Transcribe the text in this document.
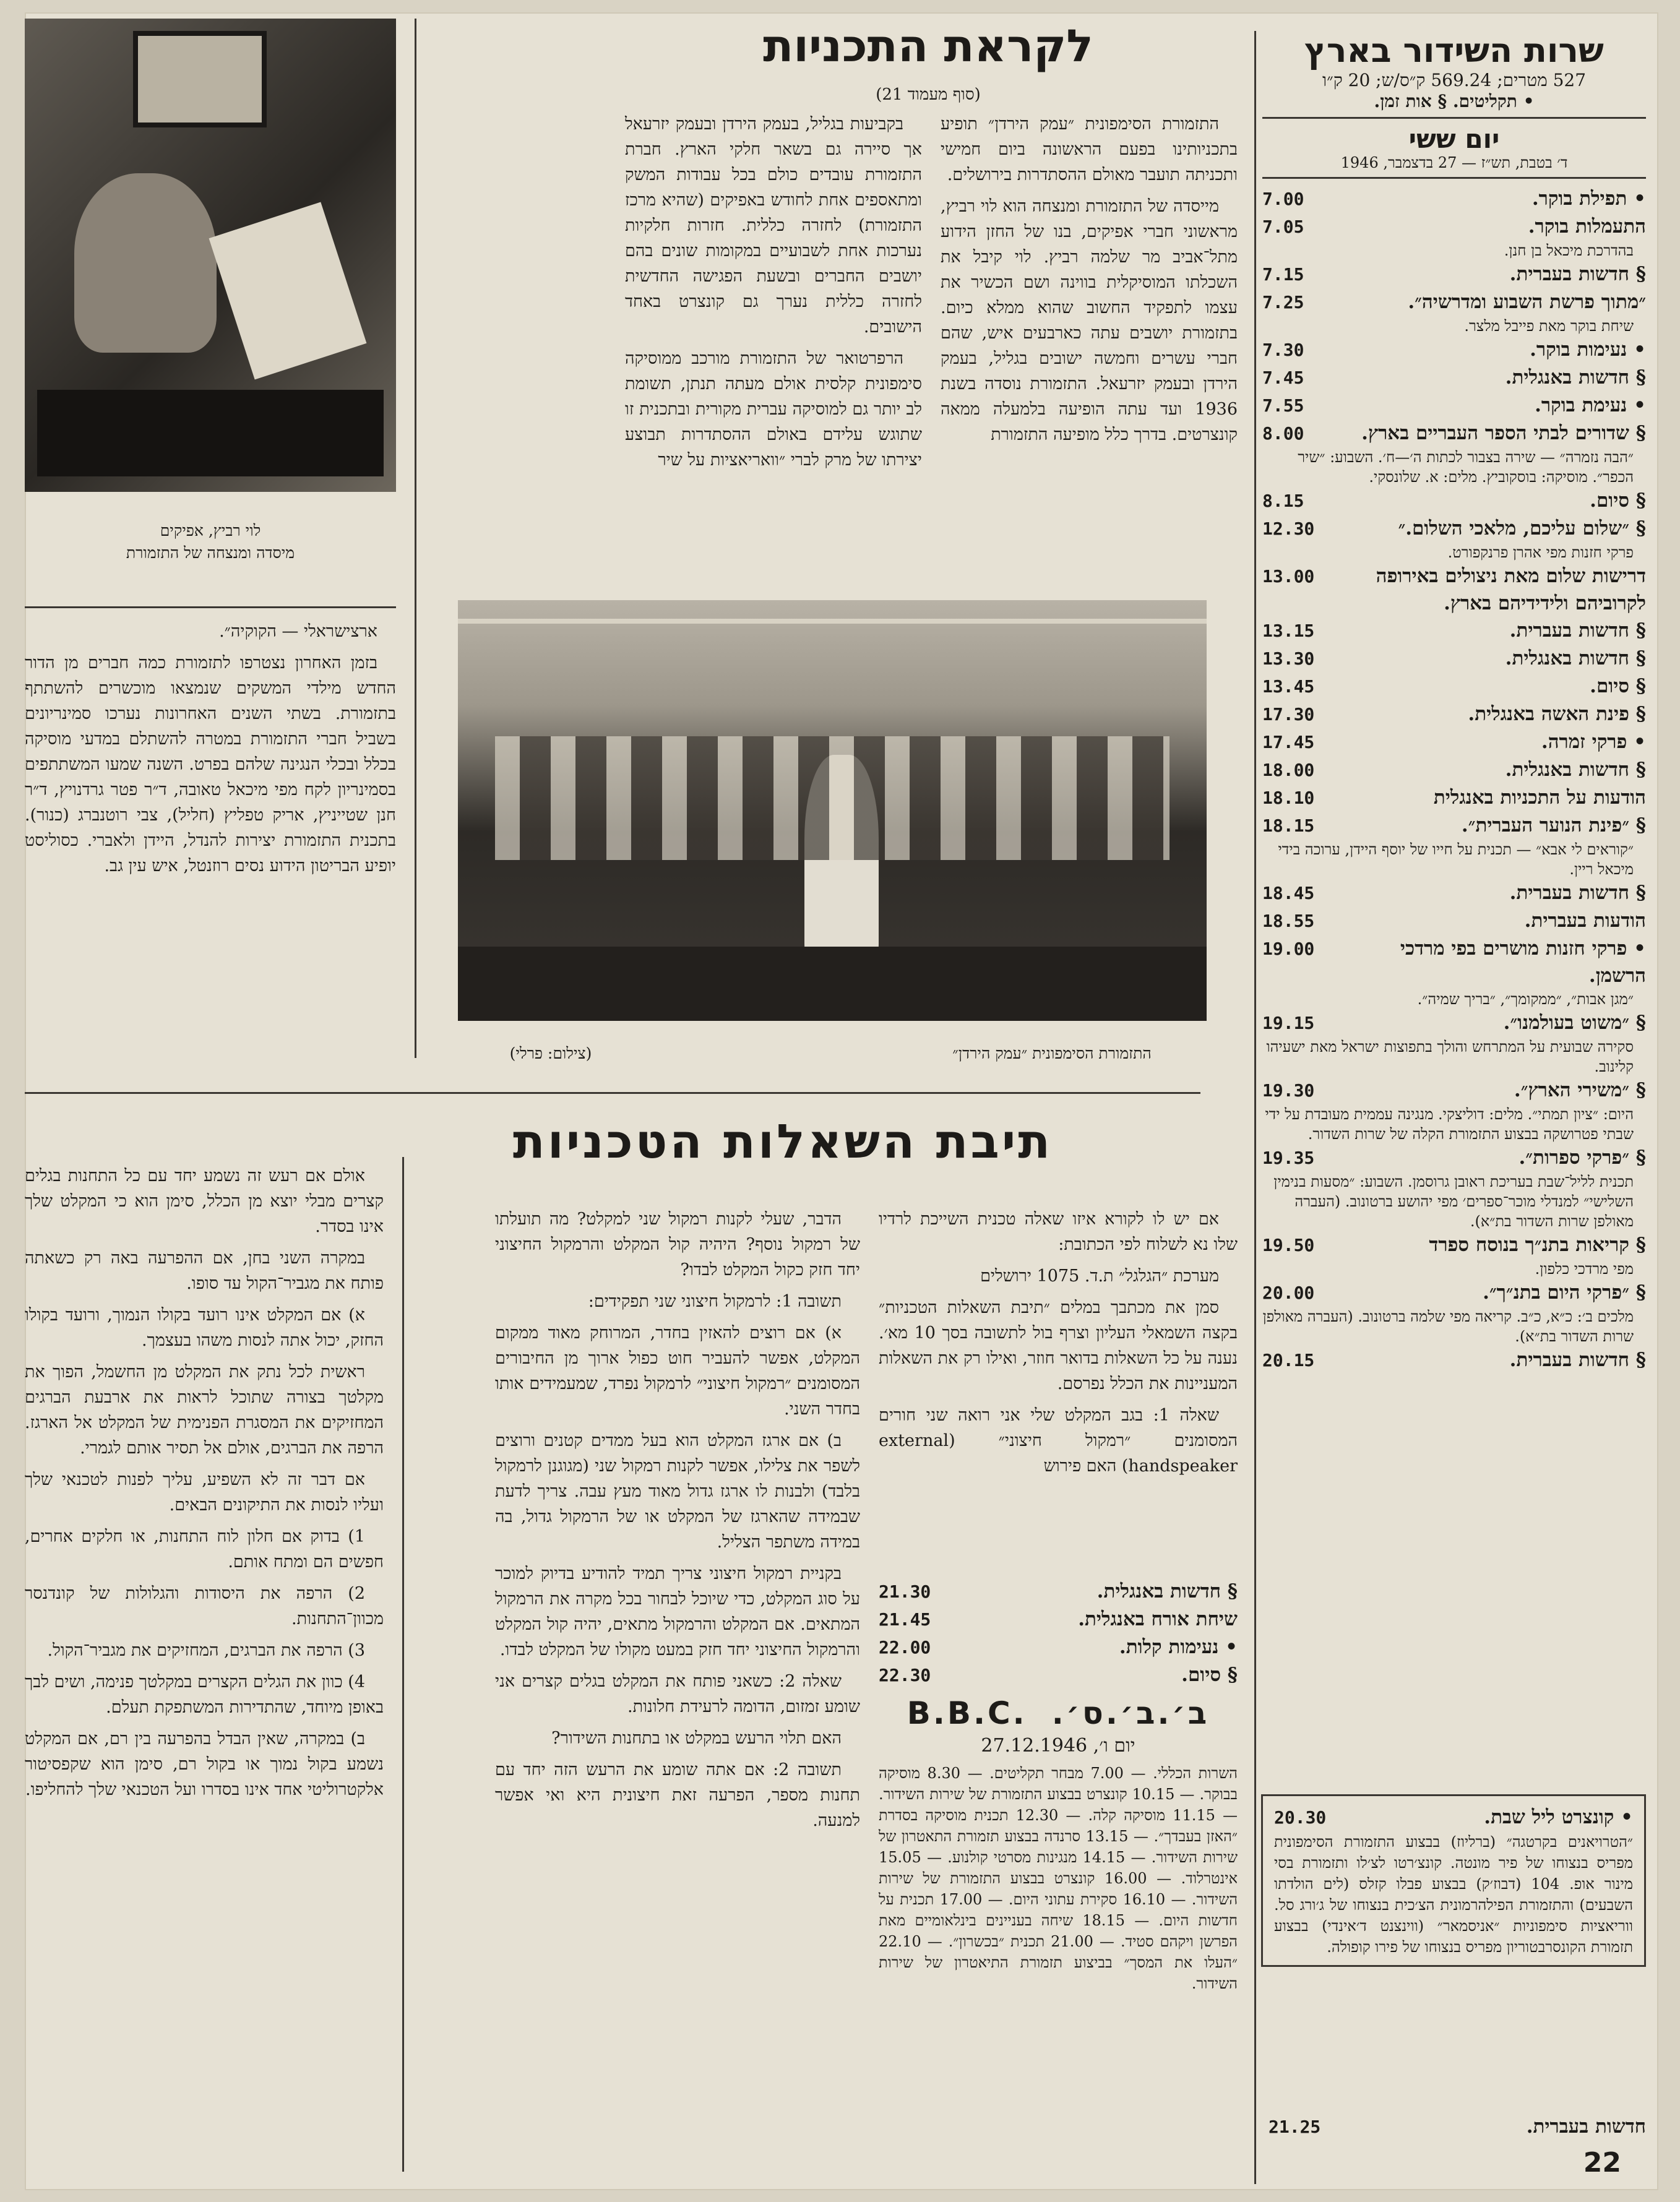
שרות השידור בארץ
527 מטרים; 569.24 ק״ס/ש; 20 ק״ו
• תקליטים. § אות זמן.
יום ששי
ד׳ בטבת, תש״ז — 27 בדצמבר, 1946
• תפילת בוקר.
7.00
התעמלות בוקר.
7.05
בהדרכת מיכאל בן חנן.
§ חדשות בעברית.
7.15
״מתוך פרשת השבוע ומדרשיה״.
7.25
שיחת בוקר מאת פייבל מלצר.
• נעימות בוקר.
7.30
§ חדשות באנגלית.
7.45
• נעימת בוקר.
7.55
§ שדורים לבתי הספר העבריים בארץ.
8.00
״הבה נזמרה״ — שירה בצבור לכתות ה׳—ח׳. השבוע: ״שיר הכפר״. מוסיקה: בוסקוביץ. מלים: א. שלונסקי.
§ סיום.
8.15
§ ״שלום עליכם, מלאכי השלום.״
12.30
פרקי חזנות מפי אהרן פרנקפורט.
דרישות שלום מאת ניצולים באירופה לקרוביהם ולידידיהם בארץ.
13.00
§ חדשות בעברית.
13.15
§ חדשות באנגלית.
13.30
§ סיום.
13.45
§ פינת האשה באנגלית.
17.30
• פרקי זמרה.
17.45
§ חדשות באנגלית.
18.00
הודעות על התכניות באנגלית
18.10
§ ״פינת הנוער העברית״.
18.15
״קוראים לי אבא״ — תכנית על חייו של יוסף היידן, ערוכה בידי מיכאל ריין.
§ חדשות בעברית.
18.45
הודעות בעברית.
18.55
• פרקי חזנות מושרים בפי מרדכי הרשמן.
19.00
״מגן אבות״, ״ממקומך״, ״בריך שמיה״.
§ ״משוט בעולמנו״.
19.15
סקירה שבועית על המתרחש והולך בתפוצות ישראל מאת ישעיהו קלינוב.
§ ״משירי הארץ״.
19.30
היום: ״ציון תמתי״. מלים: דוליצקי. מנגינה עממית מעובדת על ידי שבתי פטרושקה בבצוע התזמורת הקלה של שרות השדור.
§ ״פרקי ספרות״.
19.35
תכנית לליל־שבת בעריכת ראובן גרוסמן. השבוע: ״מסעות בנימין השלישי״ למנדלי מוכר־ספרים׳ מפי יהושע ברטונוב. (העברה מאולפן שרות השדור בת״א).
§ קריאות בתנ״ך בנוסח ספרד
19.50
מפי מרדכי כלפון.
§ ״פרקי היום בתנ״ך״.
20.00
מלכים ב׳: כ״א, כ״ב. קריאה מפי שלמה ברטונוב. (העברה מאולפן שרות השדור בת״א).
§ חדשות בעברית.
20.15
• קונצרט ליל שבת.
20.30
״הטרויאנים בקרטגה״ (ברליוז) בבצוע התזמורת הסימפונית מפריס בנצוחו של פיר מונטה. קונצ׳רטו לצ׳לו ותזמורת בסי מינור אופ. 104 (דבוז׳ק) בבצוע פבלו קזלס (לים הולדתו השבעים) והתזמורת הפילהרמונית הצ׳כית בנצוחו של ג׳ורג סל. ווריאציות סימפוניות ״אניסמאר״ (ווינצנט ד׳אינדי) בבצוע תזמורת הקונסרבטוריון מפריס בנצוחו של פירו קופולה.
חדשות בעברית.
21.25
לקראת התכניות
(סוף מעמוד 21)

התזמורת הסימפונית ״עמק הירדן״ תופיע בתכניותינו בפעם הראשונה ביום חמישי ותכניתה תועבר מאולם ההסתדרות בירושלים.

מייסדה של התזמורת ומנצחה הוא לוי רביץ, מראשוני חברי אפיקים, בנו של החזן הידוע מתל־אביב מר שלמה רביץ. לוי קיבל את השכלתו המוסיקלית בווינה ושם הכשיר את עצמו לתפקיד החשוב שהוא ממלא כיום. בתזמורת יושבים עתה כארבעים איש, שהם חברי עשרים וחמשה ישובים בגליל, בעמק הירדן ובעמק יזרעאל. התזמורת נוסדה בשנת 1936 ועד עתה הופיעה בלמעלה ממאה קונצרטים. בדרך כלל מופיעה התזמורת

בקביעות בגליל, בעמק הירדן ובעמק יזרעאל אך סיירה גם בשאר חלקי הארץ. חברת התזמורת עובדים כולם בכל עבודות המשק ומתאספים אחת לחודש באפיקים (שהיא מרכז התזמורת) לחזרה כללית. חזרות חלקיות נערכות אחת לשבועיים במקומות שונים בהם יושבים החברים ובשעת הפגישה החדשית לחזרה כללית נערך גם קונצרט באחד הישובים.

הרפרטואר של התזמורת מורכב ממוסיקה סימפונית קלסית אולם מעתה תנתן, תשומת לב יותר גם למוסיקה עברית מקורית ובתכנית זו שתוגש עלידם באולם ההסתדרות תבוצע יצירתו של מרק לברי ״וואריאציות על שיר

לוי רביץ, אפיקים
מיסדה ומנצחה של התזמורת

ארצישראלי — הקוקיה״.

בזמן האחרון נצטרפו לתזמורת כמה חברים מן הדור החדש מילדי המשקים שנמצאו מוכשרים להשתתף בתזמורת. בשתי השנים האחרונות נערכו סמינריונים בשביל חברי התזמורת במטרה להשתלם במדעי מוסיקה בכלל ובכלי הנגינה שלהם בפרט. השנה שמעו המשתתפים בסמינריון לקח מפי מיכאל טאובה, ד״ר פטר גרדנויץ, ד״ר חנן שטייניץ, אריק טפליץ (חליל), צבי רוטנברג (כנור). בתכנית התזמורת יצירות להנדל, היידן ולאברי. כסוליסט יופיע הבריטון הידוע נסים רוזנטל, איש עין גב.

התזמורת הסימפונית ״עמק הירדן״
(צילום: פרלי)
תיבת השאלות הטכניות

אם יש לו לקורא איזו שאלה טכנית השייכת לרדיו שלו נא לשלוח לפי הכתובת:

מערכת ״הגלגל״ ת.ד. 1075 ירושלים

סמן את מכתבך במלים ״תיבת השאלות הטכניות״ בקצה השמאלי העליון וצרף בול לתשובה בסך 10 מא׳. נענה על כל השאלות בדואר חוזר, ואילו רק את השאלות המעניינות את הכלל נפרסם.

שאלה 1: בגב המקלט שלי אני רואה שני חורים המסומנים ״רמקול חיצוני״ (external handspeaker) האם פירוש

הדבר, שעלי לקנות רמקול שני למקלט? מה תועלתו של רמקול נוסף? היהיה קול המקלט והרמקול החיצוני יחד חזק כקול המקלט לבדו?

תשובה 1: לרמקול חיצוני שני תפקידים:

א) אם רוצים להאזין בחדר, המרוחק מאוד ממקום המקלט, אפשר להעביר חוט כפול ארוך מן החיבורים המסומנים ״רמקול חיצוני״ לרמקול נפרד, שמעמידים אותו בחדר השני.

ב) אם ארגז המקלט הוא בעל ממדים קטנים ורוצים לשפר את צלילו, אפשר לקנות רמקול שני (מגוגנן לרמקול בלבד) ולבנות לו ארגז גדול מאוד מעץ עבה. צריך לדעת שבמידה שהארגז של המקלט או של הרמקול גדול, בה במידה משתפר הצליל.

בקניית רמקול חיצוני צריך תמיד להודיע בדיוק למוכר על סוג המקלט, כדי שיוכל לבחור בכל מקרה את הרמקול המתאים. אם המקלט והרמקול מתאים, יהיה קול המקלט והרמקול החיצוני יחד חזק במעט מקולו של המקלט לבדו.

שאלה 2: כשאני פותח את המקלט בגלים קצרים אני שומע זמזום, הדומה לרעידת חלונות.

האם תלוי הרעש במקלט או בתחנות השידור?

תשובה 2: אם אתה שומע את הרעש הזה יחד עם תחנות מספר, הפרעה זאת חיצונית היא ואי אפשר למנעה.

אולם אם רעש זה נשמע יחד עם כל התחנות בגלים קצרים מבלי יוצא מן הכלל, סימן הוא כי המקלט שלך אינו בסדר.

במקרה השני בחן, אם ההפרעה באה רק כשאתה פותח את מגביר־הקול עד סופו.

א) אם המקלט אינו רועד בקולו הנמוך, ורועד בקולו החזק, יכול אתה לנסות משהו בעצמך.

ראשית לכל נתק את המקלט מן החשמל, הפוך את מקלטך בצורה שתוכל לראות את ארבעת הברגים המחזיקים את המסגרת הפנימית של המקלט אל הארגז. הרפה את הברגים, אולם אל תסיר אותם לגמרי.

אם דבר זה לא השפיע, עליך לפנות לטכנאי שלך ועליו לנסות את התיקונים הבאים.

1) בדוק אם חלון לוח התחנות, או חלקים אחרים, חפשים הם ומתח אותם.

2) הרפה את היסודות והגלולות של קונדנסר מכוון־התחנות.

3) הרפה את הברגים, המחזיקים את מגביר־הקול.

4) כוון את הגלים הקצרים במקלטך פנימה, ושים לבך באופן מיוחד, שהתדירות המשתפקת תעלם.

ב) במקרה, שאין הבדל בהפרעה בין רם, אם המקלט נשמע בקול נמוך או בקול רם, סימן הוא שקפסיטור אלקטרוליטי אחד אינו בסדרו ועל הטכנאי שלך להחליפו.

§ חדשות באנגלית.
21.30
שיחת אורח באנגלית.
21.45
• נעימות קלות.
22.00
§ סיום.
22.30
ב׳.ב׳.ס׳.
B.B.C.
יום ו׳, 27.12.1946
השרות הכללי. — 7.00 מבחר תקליטים. — 8.30 מוסיקה בבוקר. — 10.15 קונצרט בבצוע התזמורת של שירות השידור. — 11.15 מוסיקה קלה. — 12.30 תכנית מוסיקה בסדרת ״האזן בעבדך״. — 13.15 סרנדה בבצוע תזמורת התאטרון של שירות השידור. — 14.15 מנגינות מסרטי קולנוע. — 15.05 אינטרלוד. — 16.00 קונצרט בבצוע התזמורת של שירות השידור. — 16.10 סקירת עתוני היום. — 17.00 תכנית על חדשות היום. — 18.15 שיחה בעניינים בינלאומיים מאת הפרשן ויקהם סטיד. — 21.00 תכנית ״בכשרון״. — 22.10 ״העלו את המסך״ בביצוע תזמורת התיאטרון של שירות השידור.
22
